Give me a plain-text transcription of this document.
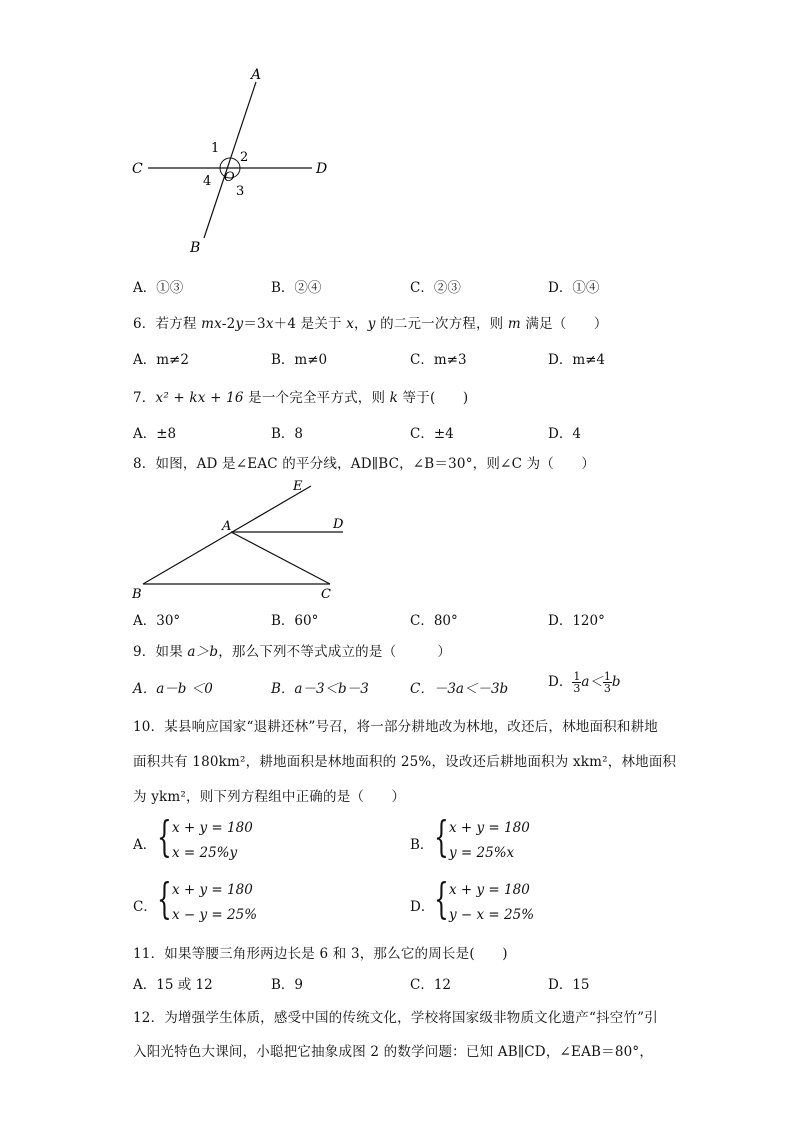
A
B
C	D
O
1
2
3
4
A．①③	B．②④	C．②③	D．①④
6．若方程 mx-2y＝3x＋4 是关于 x，y 的二元一次方程，则 m 满足（　　）
A．m≠2	B．m≠0	C．m≠3	D．m≠4
7．x² + kx + 16 是一个完全平方式，则 k 等于(　　)
A．±8	B．8	C．±4	D．4
8．如图，AD 是∠EAC 的平分线，AD∥BC，∠B＝30°，则∠C 为（　　）
E
A	D
B	C
A．30°	B．60°	C．80°	D．120°
9．如果 a＞b，那么下列不等式成立的是（　　　）
A．a－b ＜0	B．a－3＜b－3	C．－3a＜－3b	D． $\frac{1}{3} a< \frac{1}{3}$ b
10．某县响应国家“退耕还林”号召，将一部分耕地改为林地，改还后，林地面积和耕地
面积共有 180km²，耕地面积是林地面积的 25%，设改还后耕地面积为 xkm²，林地面积
为 ykm²，则下列方程组中正确的是（　　）
A． { x + y = 180
x = 25%y	B． { x + y = 180
y = 25%x
C． { x + y = 180
x − y = 25%	D． { x + y = 180
y − x = 25%
11．如果等腰三角形两边长是 6 和 3，那么它的周长是(　　)
A．15 或 12	B．9	C．12	D．15
12．为增强学生体质，感受中国的传统文化，学校将国家级非物质文化遗产“抖空竹”引
入阳光特色大课间，小聪把它抽象成图 2 的数学问题：已知 AB∥CD，∠EAB＝80°，
